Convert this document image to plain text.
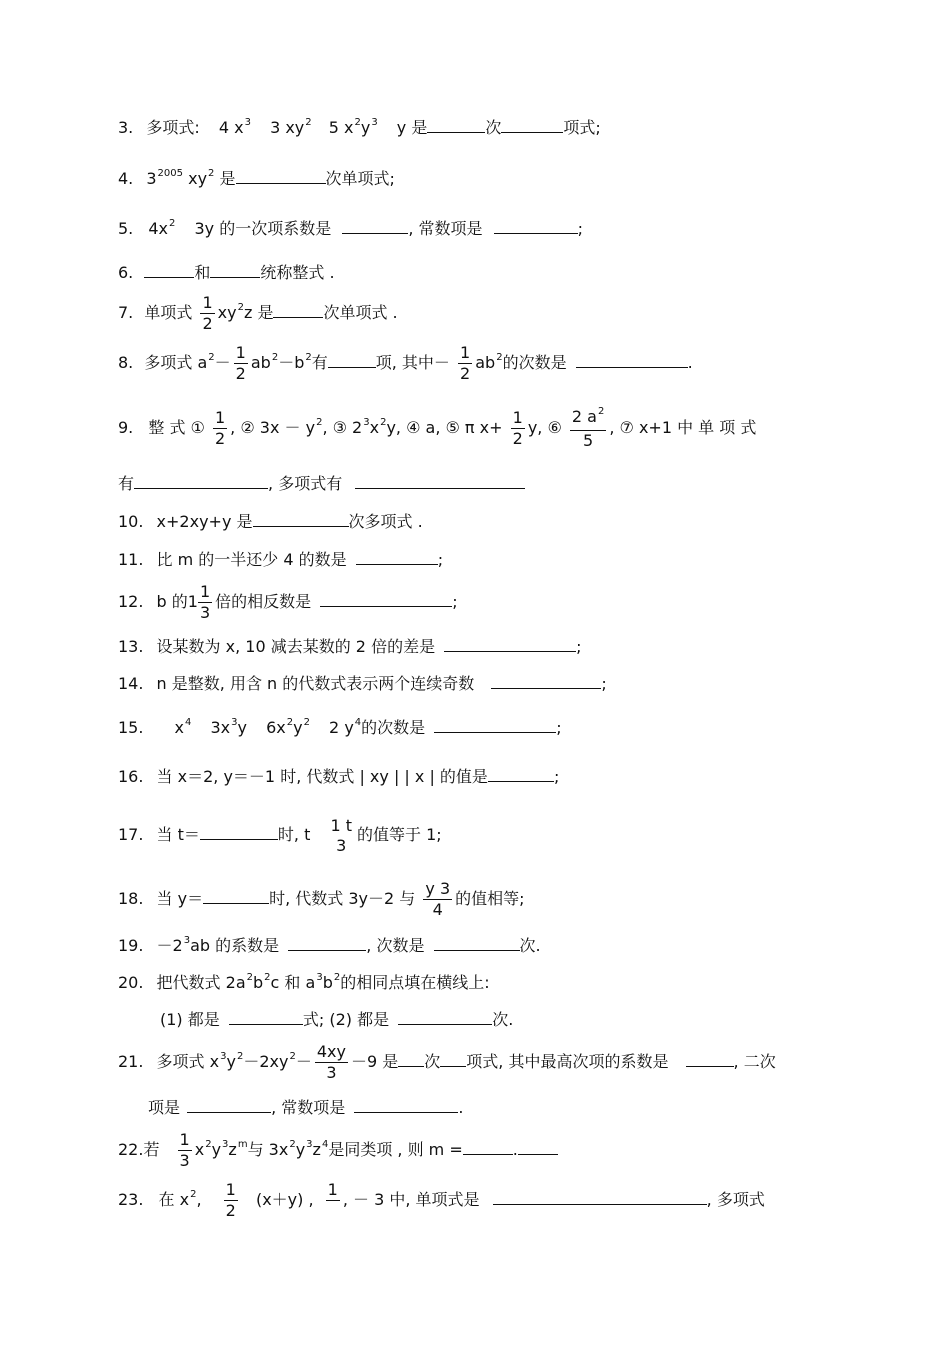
3. 多项式: 4 $x^3$ 3 $xy^2$ 5 $x^2y^3$ y 是	次	项式;
4. $3^{2005}$ $xy^2$ 是	次单项式;
5. $4x^2$ 3y 的一次项系数是	, 常数项是	;
6.	和	统称整式 .
7. 单项式 $\frac{1}{2} xy^2z$ 是	次单项式 .
8. 多项式 $a^2- \frac{1}{2} ab^2-b^2$有	项, 其中－ $\frac{1}{2} ab^2$的次数是	.
9. 整 式 ① $\frac{1}{2}$ , ② $3x - y^2$, ③ $2^3x^2y$, ④ a, ⑤ π $x+ \frac{1}{2} y$, ⑥ $\frac{2 a^2}{5}$ , ⑦ x+1 中 单 项 式
有	, 多项式有
10. x+2xy+y 是	次多项式 .
11. 比 m 的一半还少 4 的数是	;
12. b 的$1 \frac{1}{3}$ 倍的相反数是	;
13. 设某数为 x, 10 减去某数的 2 倍的差是	;
14. n 是整数, 用含 n 的代数式表示两个连续奇数	;
15. $x^4$ $3x^3y$ $6x^2y^2$ 2 $y^4$的次数是	;
16. 当 x＝2, y＝－1 时, 代数式 | xy | | x | 的值是	;
17. 当 t＝	时, t 1 t
3
的值等于 1;
18. 当 y＝	时, 代数式 3y－2 与 $\frac{y 3}{4}$ 的值相等;
19. $-2^3ab$ 的系数是	, 次数是	次.
20. 把代数式 $2a^2b^2c$ 和 $a^3b^2$的相同点填在横线上:
(1) 都是	式; (2) 都是	次.
21. 多项式 $x^3y^2-2xy^2- \frac{4xy}{3} -9$ 是 次 项式, 其中最高次项的系数是	, 二次
项是	, 常数项是	.
22.若 $\frac{1}{3} x^2y^3z^m$与 $3x^2y^3z^4$是同类项 , 则 m =	.
23. 在 $x^2$, $\frac{1}{2} (x+y)$ ,
1
, － 3 中, 单项式是	, 多项式
